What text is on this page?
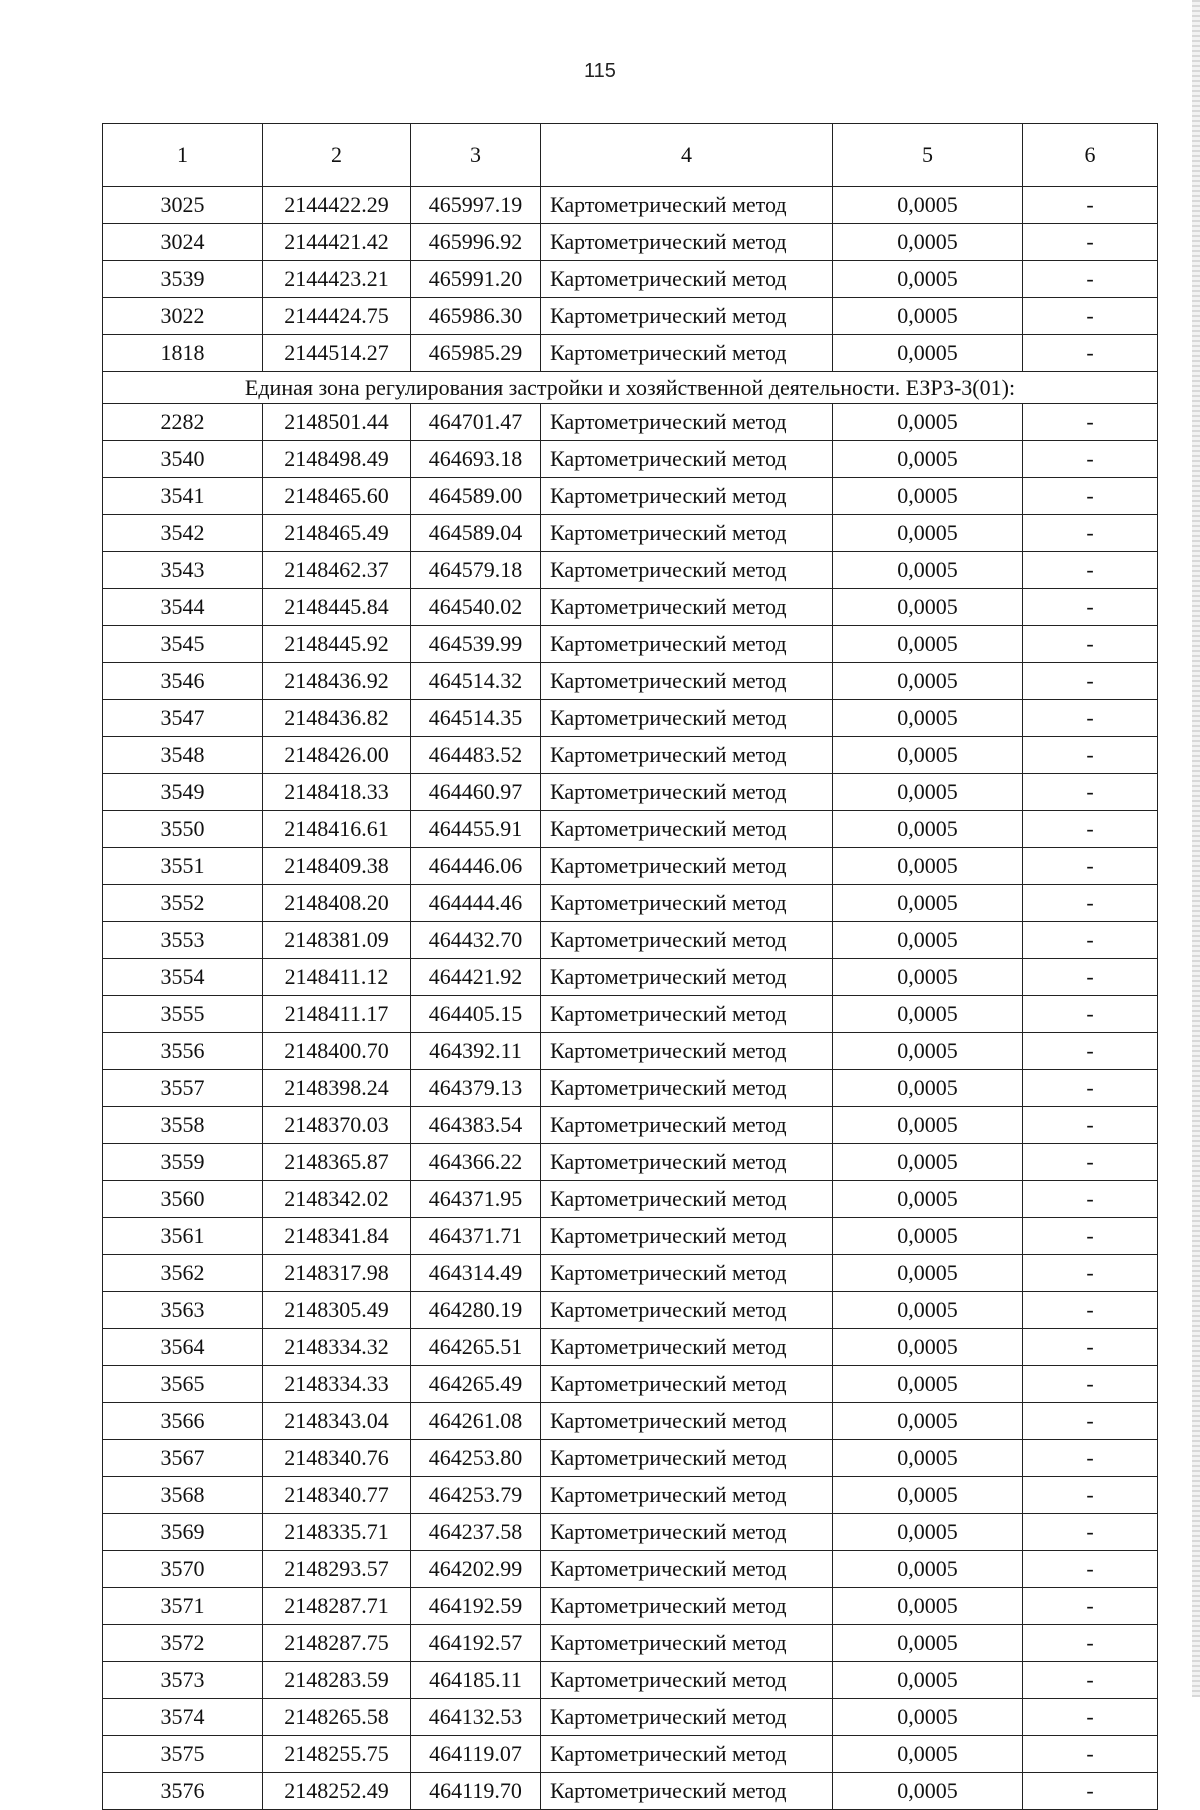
115
1	2	3	4	5	6
3025	2144422.29	465997.19	Картометрический метод	0,0005	-
3024	2144421.42	465996.92	Картометрический метод	0,0005	-
3539	2144423.21	465991.20	Картометрический метод	0,0005	-
3022	2144424.75	465986.30	Картометрический метод	0,0005	-
1818	2144514.27	465985.29	Картометрический метод	0,0005	-
Единая зона регулирования застройки и хозяйственной деятельности. ЕЗРЗ-3(01):					
2282	2148501.44	464701.47	Картометрический метод	0,0005	-
3540	2148498.49	464693.18	Картометрический метод	0,0005	-
3541	2148465.60	464589.00	Картометрический метод	0,0005	-
3542	2148465.49	464589.04	Картометрический метод	0,0005	-
3543	2148462.37	464579.18	Картометрический метод	0,0005	-
3544	2148445.84	464540.02	Картометрический метод	0,0005	-
3545	2148445.92	464539.99	Картометрический метод	0,0005	-
3546	2148436.92	464514.32	Картометрический метод	0,0005	-
3547	2148436.82	464514.35	Картометрический метод	0,0005	-
3548	2148426.00	464483.52	Картометрический метод	0,0005	-
3549	2148418.33	464460.97	Картометрический метод	0,0005	-
3550	2148416.61	464455.91	Картометрический метод	0,0005	-
3551	2148409.38	464446.06	Картометрический метод	0,0005	-
3552	2148408.20	464444.46	Картометрический метод	0,0005	-
3553	2148381.09	464432.70	Картометрический метод	0,0005	-
3554	2148411.12	464421.92	Картометрический метод	0,0005	-
3555	2148411.17	464405.15	Картометрический метод	0,0005	-
3556	2148400.70	464392.11	Картометрический метод	0,0005	-
3557	2148398.24	464379.13	Картометрический метод	0,0005	-
3558	2148370.03	464383.54	Картометрический метод	0,0005	-
3559	2148365.87	464366.22	Картометрический метод	0,0005	-
3560	2148342.02	464371.95	Картометрический метод	0,0005	-
3561	2148341.84	464371.71	Картометрический метод	0,0005	-
3562	2148317.98	464314.49	Картометрический метод	0,0005	-
3563	2148305.49	464280.19	Картометрический метод	0,0005	-
3564	2148334.32	464265.51	Картометрический метод	0,0005	-
3565	2148334.33	464265.49	Картометрический метод	0,0005	-
3566	2148343.04	464261.08	Картометрический метод	0,0005	-
3567	2148340.76	464253.80	Картометрический метод	0,0005	-
3568	2148340.77	464253.79	Картометрический метод	0,0005	-
3569	2148335.71	464237.58	Картометрический метод	0,0005	-
3570	2148293.57	464202.99	Картометрический метод	0,0005	-
3571	2148287.71	464192.59	Картометрический метод	0,0005	-
3572	2148287.75	464192.57	Картометрический метод	0,0005	-
3573	2148283.59	464185.11	Картометрический метод	0,0005	-
3574	2148265.58	464132.53	Картометрический метод	0,0005	-
3575	2148255.75	464119.07	Картометрический метод	0,0005	-
3576	2148252.49	464119.70	Картометрический метод	0,0005	-
